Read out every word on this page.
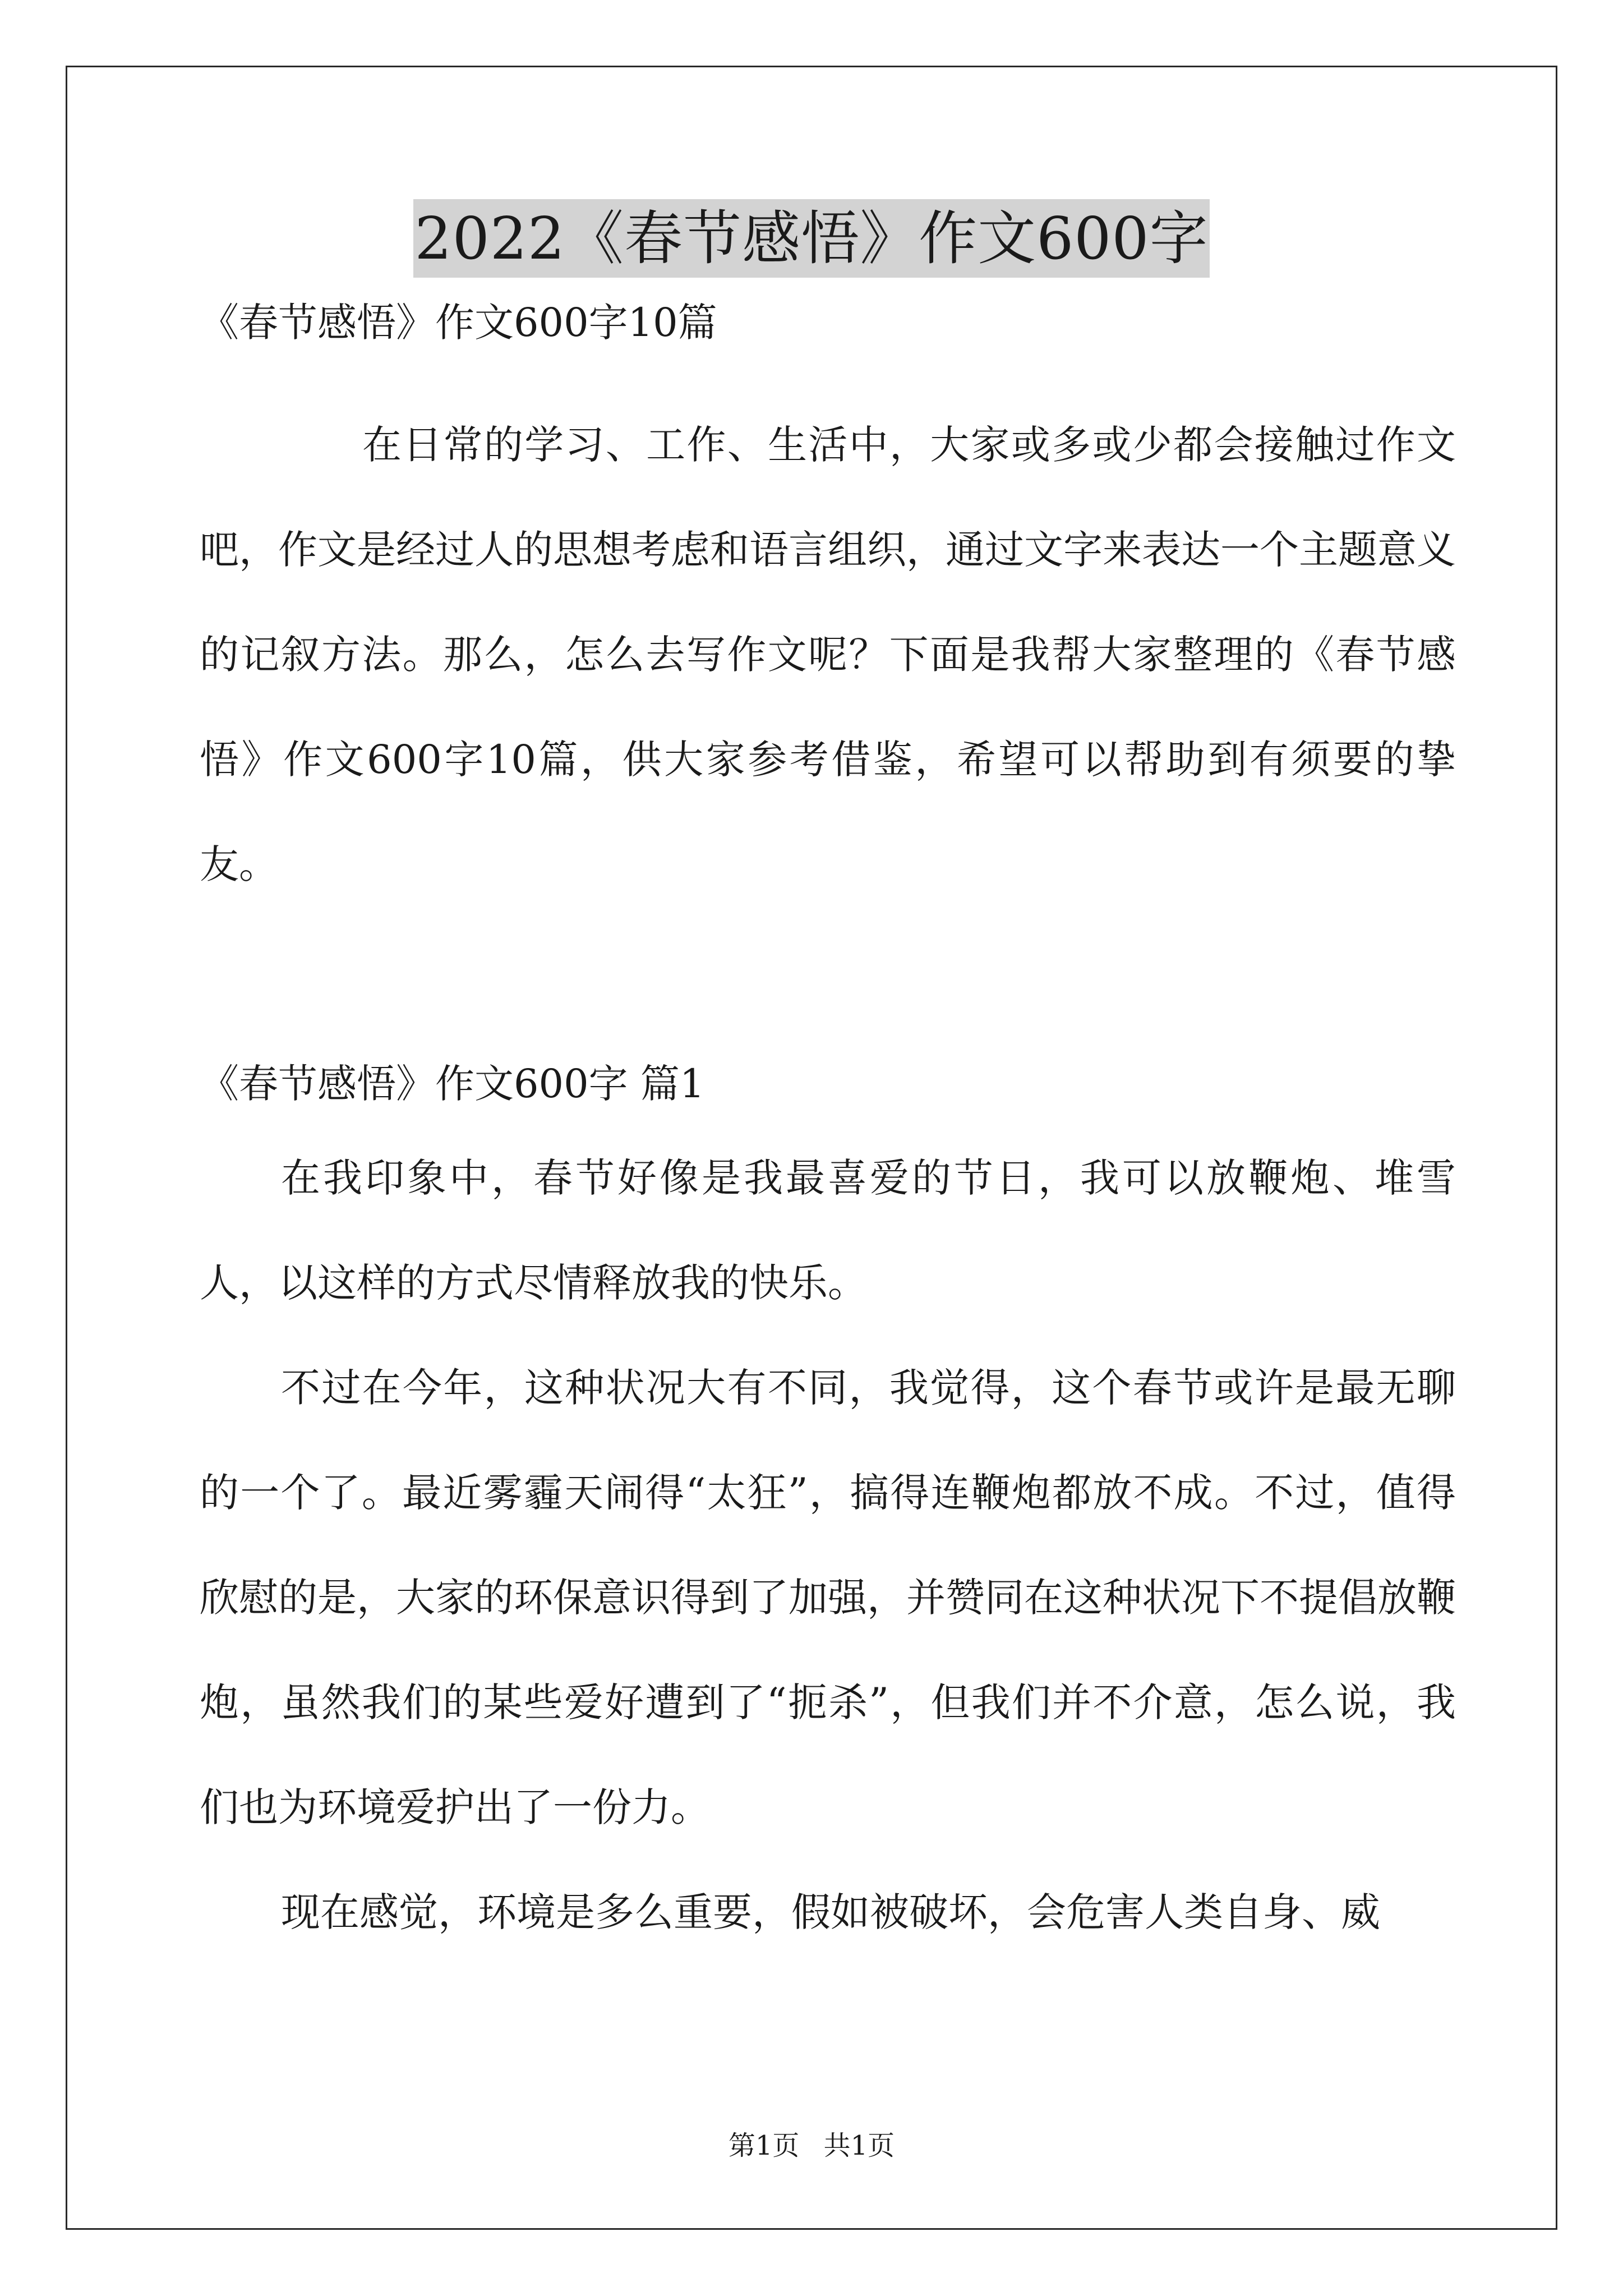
2022《春节感悟》作文600字

《春节感悟》作文600字10篇

在日常的学习、工作、生活中，大家或多或少都会接触过作文吧，作文是经过人的思想考虑和语言组织，通过文字来表达一个主题意义的记叙方法。那么，怎么去写作文呢？下面是我帮大家整理的《春节感悟》作文600字10篇，供大家参考借鉴，希望可以帮助到有须要的挚友。

《春节感悟》作文600字 篇1

在我印象中，春节好像是我最喜爱的节日，我可以放鞭炮、堆雪人，以这样的方式尽情释放我的快乐。

不过在今年，这种状况大有不同，我觉得，这个春节或许是最无聊的一个了。最近雾霾天闹得“太狂”，搞得连鞭炮都放不成。不过，值得欣慰的是，大家的环保意识得到了加强，并赞同在这种状况下不提倡放鞭炮，虽然我们的某些爱好遭到了“扼杀”，但我们并不介意，怎么说，我们也为环境爱护出了一份力。

现在感觉，环境是多么重要，假如被破坏，会危害人类自身、威

第1页 共1页
